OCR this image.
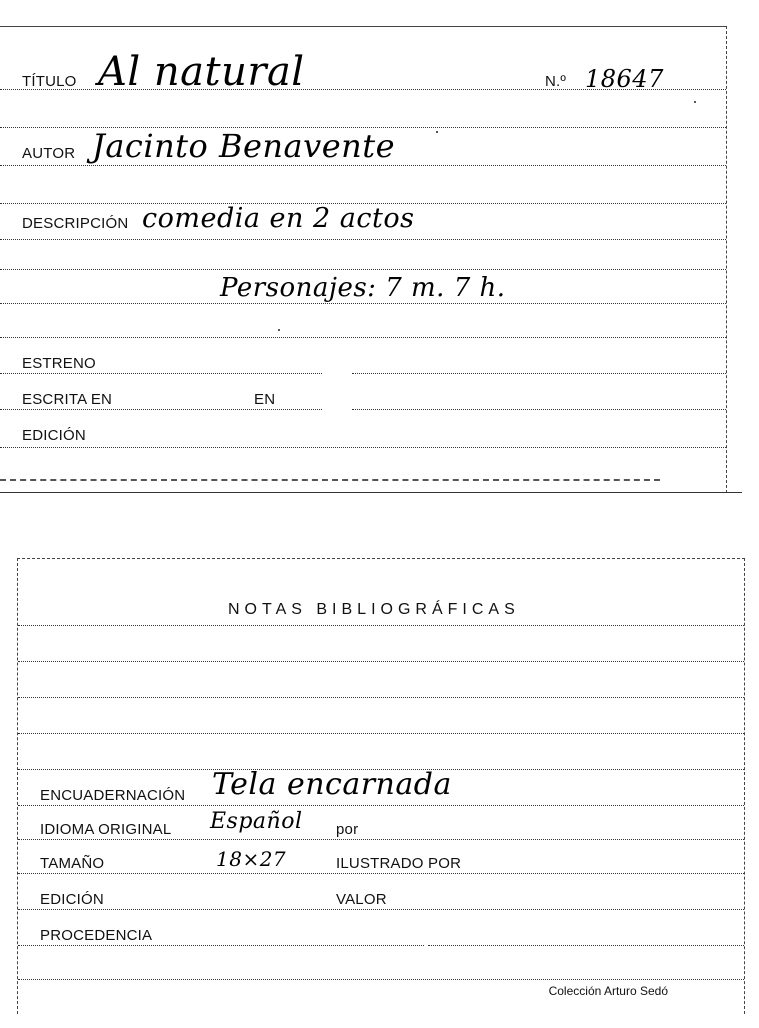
TÍTULO Al natural	N.º 18647
AUTOR Jacinto Benavente
DESCRIPCIÓN comedia en 2 actos
Personajes: 7 m. 7 h.
ESTRENO
ESCRITA EN	EN
EDICIÓN
NOTAS BIBLIOGRÁFICAS
ENCUADERNACIÓN Tela encarnada
IDIOMA ORIGINAL Español por
TAMAÑO	18×27	ILUSTRADO POR
EDICIÓN	VALOR
PROCEDENCIA
Colección Arturo Sedó
